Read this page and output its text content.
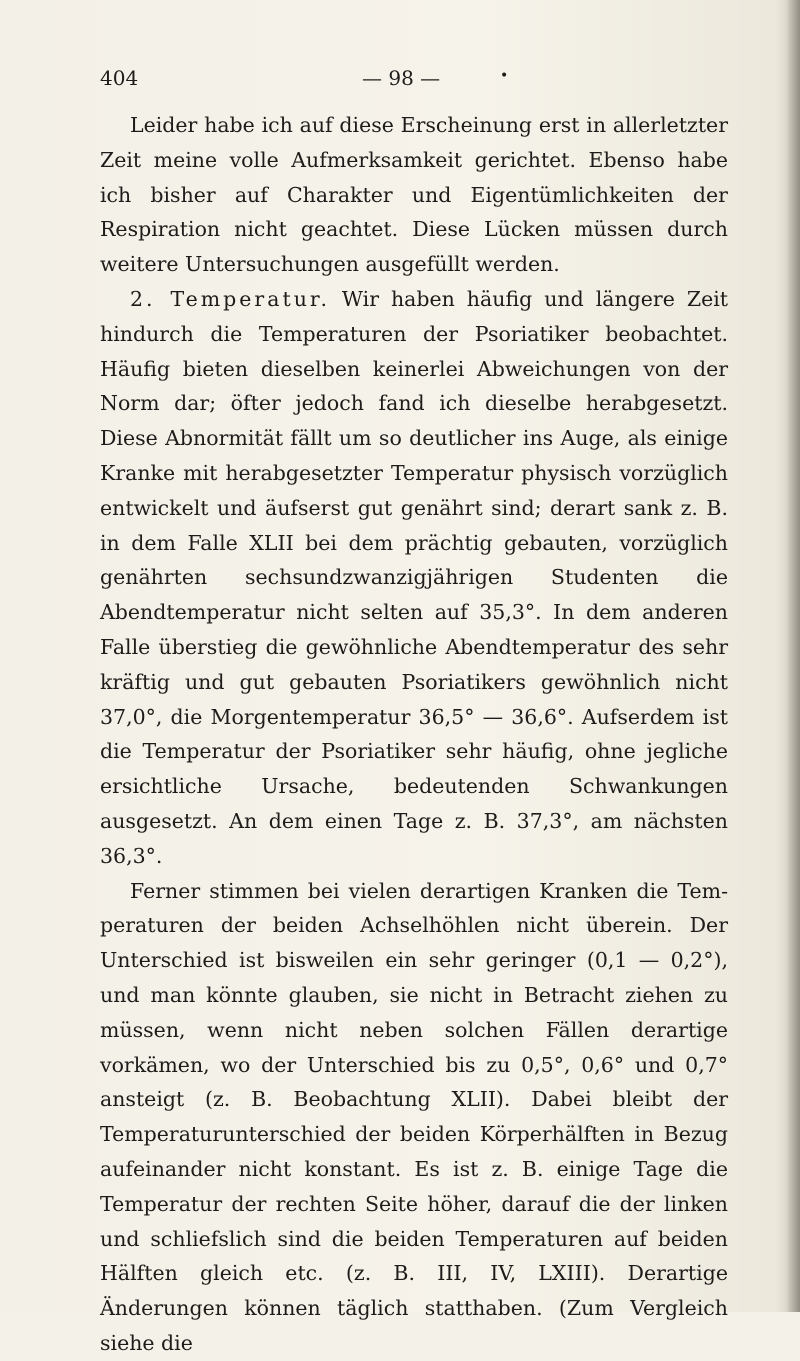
404	— 98 —	•

Leider habe ich auf diese Erscheinung erst in allerletzter Zeit meine volle Aufmerksamkeit gerichtet. Ebenso habe ich bisher auf Charakter und Eigentümlichkeiten der Respiration nicht geachtet. Diese Lücken müssen durch weitere Untersuchungen ausgefüllt werden.

2. Temperatur. Wir haben häufig und längere Zeit hindurch die Temperaturen der Psoriatiker beobachtet. Häufig bieten dieselben keinerlei Abweichungen von der Norm dar; öfter jedoch fand ich dieselbe herabgesetzt. Diese Abnormität fällt um so deutlicher ins Auge, als einige Kranke mit herabgesetzter Temperatur physisch vorzüglich entwickelt und äufserst gut genährt sind; derart sank z. B. in dem Falle XLII bei dem prächtig gebauten, vorzüglich genährten sechsundzwanzigjährigen Studenten die Abendtemperatur nicht selten auf 35,3°. In dem anderen Falle überstieg die gewöhnliche Abendtemperatur des sehr kräftig und gut gebauten Psoriatikers gewöhnlich nicht 37,0°, die Morgentemperatur 36,5° — 36,6°. Aufserdem ist die Temperatur der Psoriatiker sehr häufig, ohne jegliche ersichtliche Ursache, bedeutenden Schwankungen ausgesetzt. An dem einen Tage z. B. 37,3°, am nächsten 36,3°.

Ferner stimmen bei vielen derartigen Kranken die Temperaturen der beiden Achselhöhlen nicht überein. Der Unterschied ist bisweilen ein sehr geringer (0,1 — 0,2°), und man könnte glauben, sie nicht in Betracht ziehen zu müssen, wenn nicht neben solchen Fällen derartige vorkämen, wo der Unterschied bis zu 0,5°, 0,6° und 0,7° ansteigt (z. B. Beobachtung XLII). Dabei bleibt der Temperaturunterschied der beiden Körperhälften in Bezug aufeinander nicht konstant. Es ist z. B. einige Tage die Temperatur der rechten Seite höher, darauf die der linken und schliefslich sind die beiden Temperaturen auf beiden Hälften gleich etc. (z. B. III, IV, LXIII). Derartige Änderungen können täglich statthaben. (Zum Vergleich siehe die
